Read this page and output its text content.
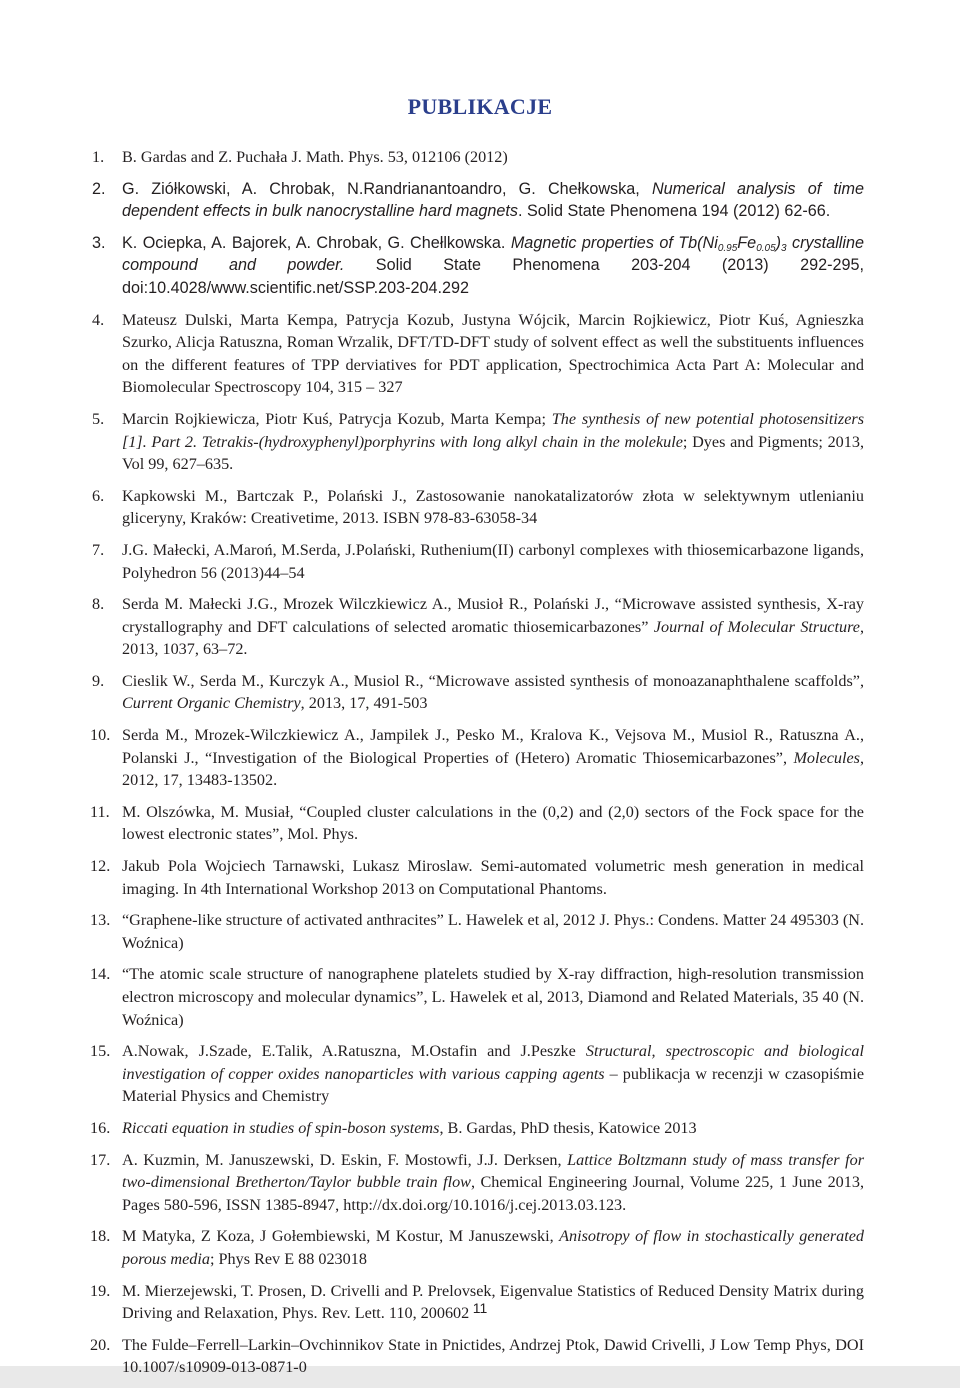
PUBLIKACJE
1. B. Gardas and Z. Puchała J. Math. Phys. 53, 012106 (2012)
2. G. Ziółkowski, A. Chrobak, N.Randrianantoandro, G. Chełkowska, Numerical analysis of time dependent effects in bulk nanocrystalline hard magnets. Solid State Phenomena 194 (2012) 62-66.
3. K. Ociepka, A. Bajorek, A. Chrobak, G. Chełlkowska. Magnetic properties of $Tb(Ni_{0.95}Fe_{0.05})_3$ crystalline compound and powder. Solid State Phenomena 203-204 (2013) 292-295, doi:10.4028/www.scientific.net/SSP.203-204.292
4. Mateusz Dulski, Marta Kempa, Patrycja Kozub, Justyna Wójcik, Marcin Rojkiewicz, Piotr Kuś, Agnieszka Szurko, Alicja Ratuszna, Roman Wrzalik, DFT/TD-DFT study of solvent effect as well the substituents influences on the different features of TPP derviatives for PDT application, Spectrochimica Acta Part A: Molecular and Biomolecular Spectroscopy 104, 315 – 327
5. Marcin Rojkiewicza, Piotr Kuś, Patrycja Kozub, Marta Kempa; The synthesis of new potential photosensitizers [1]. Part 2. Tetrakis-(hydroxyphenyl)porphyrins with long alkyl chain in the molekule; Dyes and Pigments; 2013, Vol 99, 627–635.
6. Kapkowski M., Bartczak P., Polański J., Zastosowanie nanokatalizatorów złota w selektywnym utlenianiu gliceryny, Kraków: Creativetime, 2013. ISBN 978-83-63058-34
7. J.G. Małecki, A.Maroń, M.Serda, J.Polański, Ruthenium(II) carbonyl complexes with thiosemicarbazone ligands, Polyhedron 56 (2013)44–54
8. Serda M. Małecki J.G., Mrozek Wilczkiewicz A., Musioł R., Polański J., “Microwave assisted synthesis, X-ray crystallography and DFT calculations of selected aromatic thiosemicarbazones” Journal of Molecular Structure, 2013, 1037, 63–72.
9. Cieslik W., Serda M., Kurczyk A., Musiol R., “Microwave assisted synthesis of monoazanaphthalene scaffolds”, Current Organic Chemistry, 2013, 17, 491-503
10. Serda M., Mrozek-Wilczkiewicz A., Jampilek J., Pesko M., Kralova K., Vejsova M., Musiol R., Ratuszna A., Polanski J., “Investigation of the Biological Properties of (Hetero) Aromatic Thiosemicarbazones”, Molecules, 2012, 17, 13483-13502.
11. M. Olszówka, M. Musiał, “Coupled cluster calculations in the (0,2) and (2,0) sectors of the Fock space for the lowest electronic states”, Mol. Phys.
12. Jakub Pola Wojciech Tarnawski, Lukasz Miroslaw. Semi-automated volumetric mesh generation in medical imaging. In 4th International Workshop 2013 on Computational Phantoms.
13. “Graphene-like structure of activated anthracites” L. Hawelek et al, 2012 J. Phys.: Condens. Matter 24 495303 (N. Woźnica)
14. “The atomic scale structure of nanographene platelets studied by X-ray diffraction, high-resolution transmission electron microscopy and molecular dynamics”, L. Hawelek et al, 2013, Diamond and Related Materials, 35 40 (N. Woźnica)
15. A.Nowak, J.Szade, E.Talik, A.Ratuszna, M.Ostafin and J.Peszke Structural, spectroscopic and biological investigation of copper oxides nanoparticles with various capping agents – publikacja w recenzji w czasopiśmie Material Physics and Chemistry
16. Riccati equation in studies of spin-boson systems, B. Gardas, PhD thesis, Katowice 2013
17. A. Kuzmin, M. Januszewski, D. Eskin, F. Mostowfi, J.J. Derksen, Lattice Boltzmann study of mass transfer for two-dimensional Bretherton/Taylor bubble train flow, Chemical Engineering Journal, Volume 225, 1 June 2013, Pages 580-596, ISSN 1385-8947, http://dx.doi.org/10.1016/j.cej.2013.03.123.
18. M Matyka, Z Koza, J Gołembiewski, M Kostur, M Januszewski, Anisotropy of flow in stochastically generated porous media; Phys Rev E 88 023018
19. M. Mierzejewski, T. Prosen, D. Crivelli and P. Prelovsek, Eigenvalue Statistics of Reduced Density Matrix during Driving and Relaxation, Phys. Rev. Lett. 110, 200602
20. The Fulde–Ferrell–Larkin–Ovchinnikov State in Pnictides, Andrzej Ptok, Dawid Crivelli, J Low Temp Phys, DOI 10.1007/s10909-013-0871-0
11
